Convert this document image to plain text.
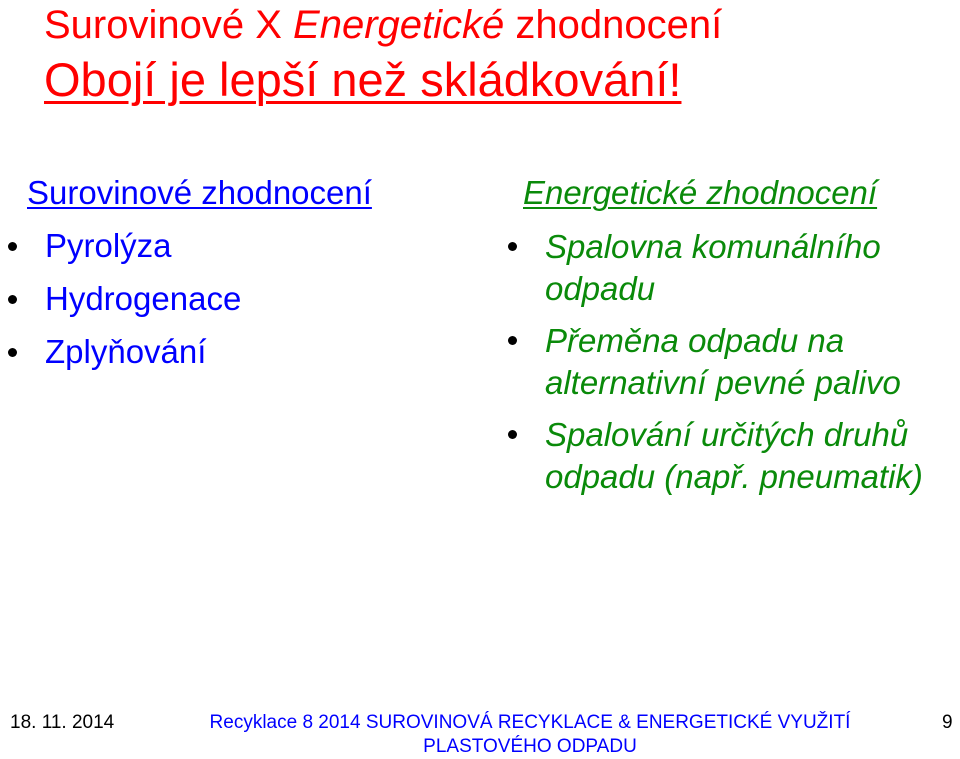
Surovinové X Energetické zhodnocení
Obojí je lepší než skládkování!
Surovinové zhodnocení
Pyrolýza
Hydrogenace
Zplyňování
Energetické zhodnocení
Spalovna komunálního odpadu
Přeměna odpadu na alternativní pevné palivo
Spalování určitých druhů odpadu (např. pneumatik)
18. 11. 2014	Recyklace 8 2014 SUROVINOVÁ RECYKLACE & ENERGETICKÉ VYUŽITÍ
PLASTOVÉHO ODPADU
9
